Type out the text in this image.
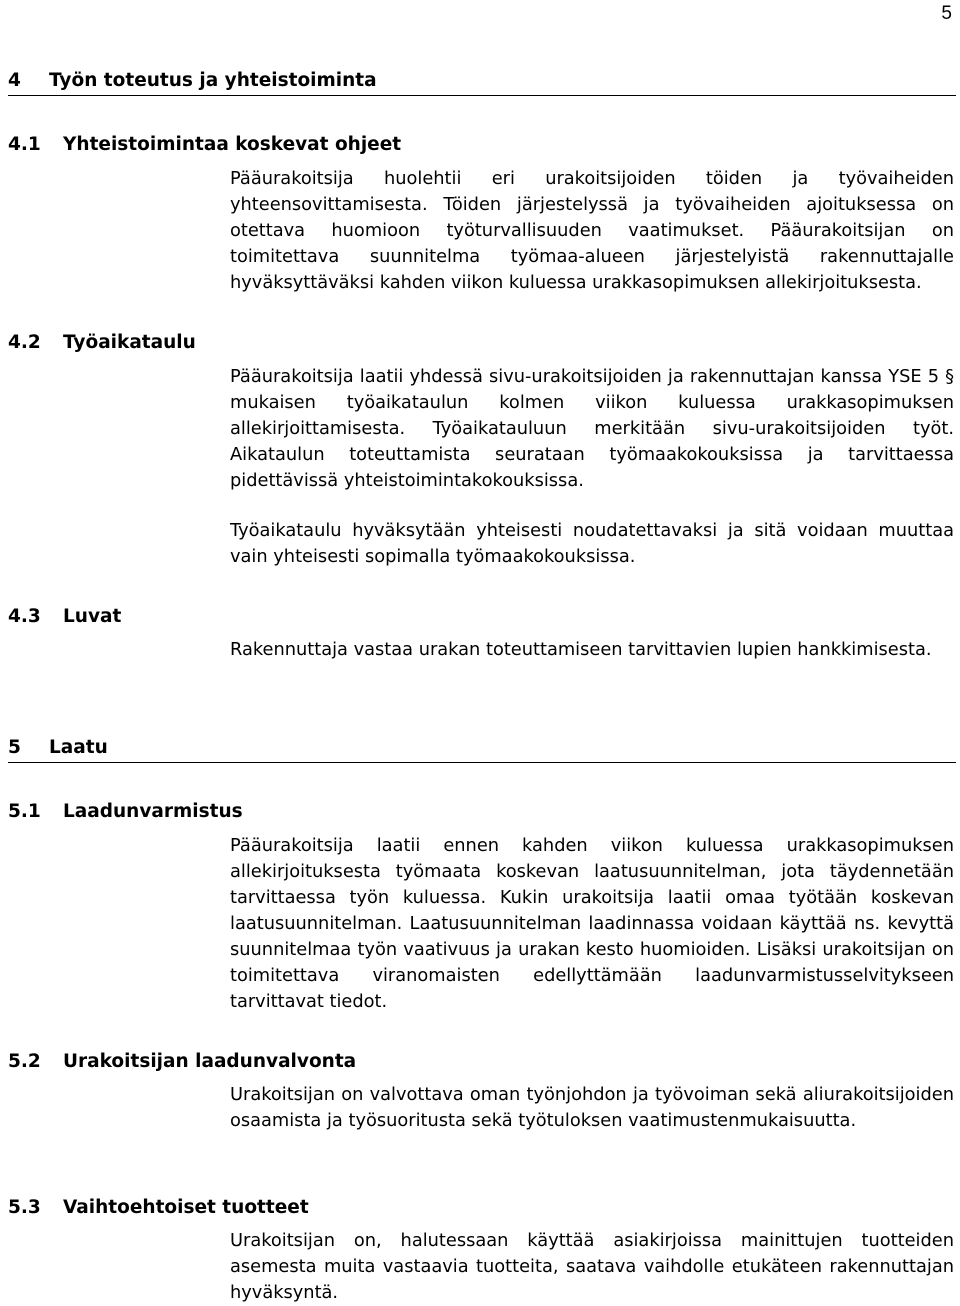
5
4 Työn toteutus ja yhteistoiminta
4.1 Yhteistoimintaa koskevat ohjeet

Pääurakoitsija huolehtii eri urakoitsijoiden töiden ja työvaiheiden yhteensovittamisesta. Töiden järjestelyssä ja työvaiheiden ajoituksessa on otettava huomioon työturvallisuuden vaatimukset. Pääurakoitsijan on toimitettava suunnitelma työmaa-alueen järjestelyistä rakennuttajalle hyväksyttäväksi kahden viikon kuluessa urakkasopimuksen allekirjoituksesta.

4.2 Työaikataulu

Pääurakoitsija laatii yhdessä sivu-urakoitsijoiden ja rakennuttajan kanssa YSE 5 § mukaisen työaikataulun kolmen viikon kuluessa urakkasopimuksen allekirjoittamisesta. Työaikatauluun merkitään sivu-urakoitsijoiden työt. Aikataulun toteuttamista seurataan työmaakokouksissa ja tarvittaessa pidettävissä yhteistoimintakokouksissa.

Työaikataulu hyväksytään yhteisesti noudatettavaksi ja sitä voidaan muuttaa vain yhteisesti sopimalla työmaakokouksissa.

4.3 Luvat

Rakennuttaja vastaa urakan toteuttamiseen tarvittavien lupien hankkimisesta.

5 Laatu
5.1 Laadunvarmistus

Pääurakoitsija laatii ennen kahden viikon kuluessa urakkasopimuksen allekirjoituksesta työmaata koskevan laatusuunnitelman, jota täydennetään tarvittaessa työn kuluessa. Kukin urakoitsija laatii omaa työtään koskevan laatusuunnitelman. Laatusuunnitelman laadinnassa voidaan käyttää ns. kevyttä suunnitelmaa työn vaativuus ja urakan kesto huomioiden. Lisäksi urakoitsijan on toimitettava viranomaisten edellyttämään laadunvarmistusselvitykseen tarvittavat tiedot.

5.2 Urakoitsijan laadunvalvonta

Urakoitsijan on valvottava oman työnjohdon ja työvoiman sekä aliurakoitsijoiden osaamista ja työsuoritusta sekä työtuloksen vaatimustenmukaisuutta.

5.3 Vaihtoehtoiset tuotteet

Urakoitsijan on, halutessaan käyttää asiakirjoissa mainittujen tuotteiden asemesta muita vastaavia tuotteita, saatava vaihdolle etukäteen rakennuttajan hyväksyntä.
